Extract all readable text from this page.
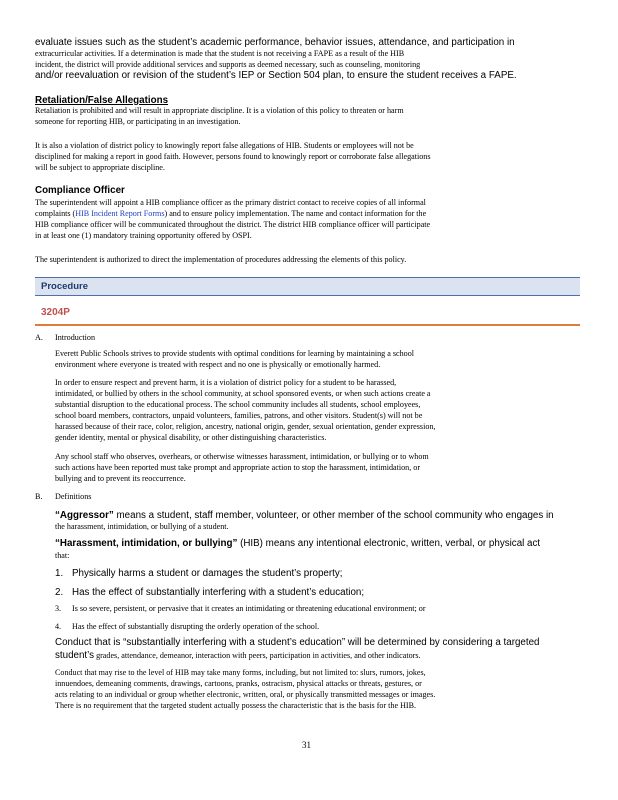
evaluate issues such as the student’s academic performance, behavior issues, attendance, and participation in
extracurricular activities. If a determination is made that the student is not receiving a FAPE as a result of the HIB
incident, the district will provide additional services and supports as deemed necessary, such as counseling, monitoring
and/or reevaluation or revision of the student’s IEP or Section 504 plan, to ensure the student receives a FAPE.
Retaliation/False Allegations
Retaliation is prohibited and will result in appropriate discipline. It is a violation of this policy to threaten or harm
someone for reporting HIB, or participating in an investigation.
It is also a violation of district policy to knowingly report false allegations of HIB. Students or employees will not be
disciplined for making a report in good faith. However, persons found to knowingly report or corroborate false allegations
will be subject to appropriate discipline.
Compliance Officer
The superintendent will appoint a HIB compliance officer as the primary district contact to receive copies of all informal
complaints (HIB Incident Report Forms) and to ensure policy implementation. The name and contact information for the
HIB compliance officer will be communicated throughout the district. The district HIB compliance officer will participate
in at least one (1) mandatory training opportunity offered by OSPI.
The superintendent is authorized to direct the implementation of procedures addressing the elements of this policy.
Procedure
3204P
A. Introduction
Everett Public Schools strives to provide students with optimal conditions for learning by maintaining a school
environment where everyone is treated with respect and no one is physically or emotionally harmed.
In order to ensure respect and prevent harm, it is a violation of district policy for a student to be harassed,
intimidated, or bullied by others in the school community, at school sponsored events, or when such actions create a
substantial disruption to the educational process. The school community includes all students, school employees,
school board members, contractors, unpaid volunteers, families, patrons, and other visitors. Student(s) will not be
harassed because of their race, color, religion, ancestry, national origin, gender, sexual orientation, gender expression,
gender identity, mental or physical disability, or other distinguishing characteristics.
Any school staff who observes, overhears, or otherwise witnesses harassment, intimidation, or bullying or to whom
such actions have been reported must take prompt and appropriate action to stop the harassment, intimidation, or
bullying and to prevent its reoccurrence.
B. Definitions
“Aggressor” means a student, staff member, volunteer, or other member of the school community who engages in
the harassment, intimidation, or bullying of a student.
“Harassment, intimidation, or bullying” (HIB) means any intentional electronic, written, verbal, or physical act
that:
1. Physically harms a student or damages the student’s property;
2. Has the effect of substantially interfering with a student’s education;
3. Is so severe, persistent, or pervasive that it creates an intimidating or threatening educational environment; or
4. Has the effect of substantially disrupting the orderly operation of the school.
Conduct that is “substantially interfering with a student’s education” will be determined by considering a targeted
student’s grades, attendance, demeanor, interaction with peers, participation in activities, and other indicators.
Conduct that may rise to the level of HIB may take many forms, including, but not limited to: slurs, rumors, jokes,
innuendoes, demeaning comments, drawings, cartoons, pranks, ostracism, physical attacks or threats, gestures, or
acts relating to an individual or group whether electronic, written, oral, or physically transmitted messages or images.
There is no requirement that the targeted student actually possess the characteristic that is the basis for the HIB.
31
